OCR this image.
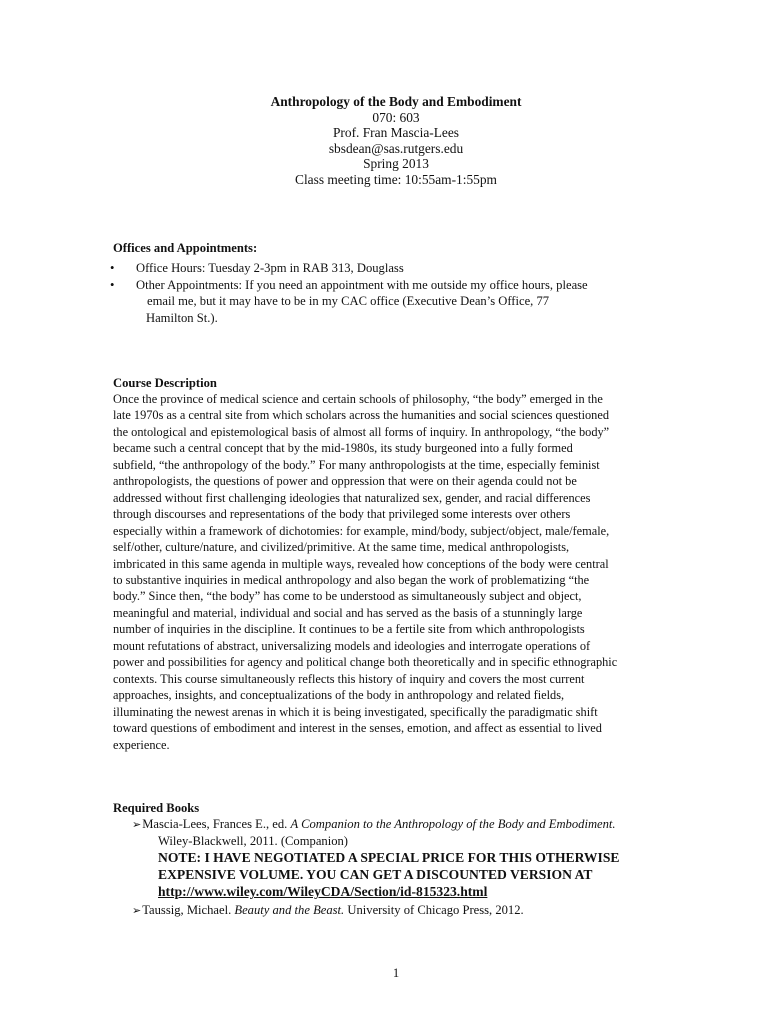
Anthropology of the Body and Embodiment
070: 603
Prof. Fran Mascia-Lees
sbsdean@sas.rutgers.edu
Spring 2013
Class meeting time: 10:55am-1:55pm
Offices and Appointments:
• Office Hours: Tuesday 2-3pm in RAB 313, Douglass
• Other Appointments: If you need an appointment with me outside my office hours, please
email me, but it may have to be in my CAC office (Executive Dean’s Office, 77
Hamilton St.).
Course Description
Once the province of medical science and certain schools of philosophy, “the body” emerged in the
late 1970s as a central site from which scholars across the humanities and social sciences questioned
the ontological and epistemological basis of almost all forms of inquiry. In anthropology, “the body”
became such a central concept that by the mid-1980s, its study burgeoned into a fully formed
subfield, “the anthropology of the body.” For many anthropologists at the time, especially feminist
anthropologists, the questions of power and oppression that were on their agenda could not be
addressed without first challenging ideologies that naturalized sex, gender, and racial differences
through discourses and representations of the body that privileged some interests over others
especially within a framework of dichotomies: for example, mind/body, subject/object, male/female,
self/other, culture/nature, and civilized/primitive. At the same time, medical anthropologists,
imbricated in this same agenda in multiple ways, revealed how conceptions of the body were central
to substantive inquiries in medical anthropology and also began the work of problematizing “the
body.” Since then, “the body” has come to be understood as simultaneously subject and object,
meaningful and material, individual and social and has served as the basis of a stunningly large
number of inquiries in the discipline. It continues to be a fertile site from which anthropologists
mount refutations of abstract, universalizing models and ideologies and interrogate operations of
power and possibilities for agency and political change both theoretically and in specific ethnographic
contexts. This course simultaneously reflects this history of inquiry and covers the most current
approaches, insights, and conceptualizations of the body in anthropology and related fields,
illuminating the newest arenas in which it is being investigated, specifically the paradigmatic shift
toward questions of embodiment and interest in the senses, emotion, and affect as essential to lived
experience.
Required Books
➢Mascia-Lees, Frances E., ed. A Companion to the Anthropology of the Body and Embodiment.
Wiley-Blackwell, 2011. (Companion)
NOTE: I HAVE NEGOTIATED A SPECIAL PRICE FOR THIS OTHERWISE
EXPENSIVE VOLUME. YOU CAN GET A DISCOUNTED VERSION AT
http://www.wiley.com/WileyCDA/Section/id-815323.html
➢Taussig, Michael. Beauty and the Beast. University of Chicago Press, 2012.
1
